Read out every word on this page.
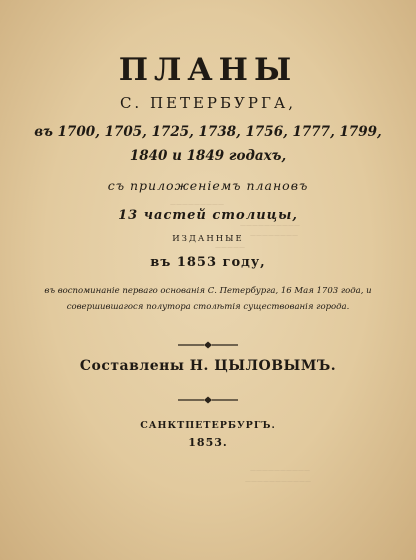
—————————
——————————
————————
—————
——————————
———————————
ПЛАНЫ
С. ПЕТЕРБУРГА,
въ 1700, 1705, 1725, 1738, 1756, 1777, 1799,
1840 и 1849 годахъ,
съ приложенiемъ плановъ
13 частей столицы,
ИЗДАННЫЕ
въ 1853 году,
въ воспоминанiе перваго основанiя С. Петербурга, 16 Мая 1703 года, и
совершившагося полутора столѣтiя существованiя города.
Составлены Н. ЦЫЛОВЫМЪ.
САНКТПЕТЕРБУРГЪ.
1853.
